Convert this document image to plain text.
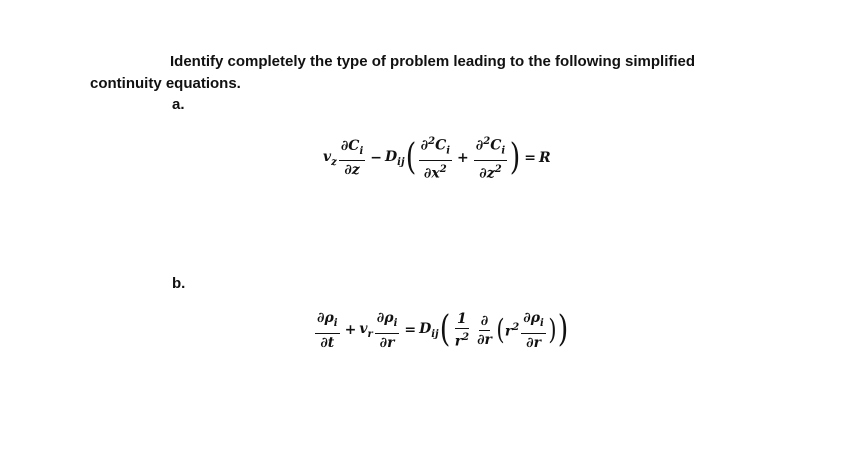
Identify completely the type of problem leading to the following simplified
continuity equations.
a.
$v_z \frac{\partial C_i}{\partial z} - D_{ij}$ ( $\frac{\partial^2C_i}{\partial x^2} + \frac{\partial^2C_i}{\partial z^2}$ ) = R
b.
$\frac{\partial\rho_i}{\partial t} + v_r \frac{\partial\rho_i}{\partial r} = D_{ij}$ ( $\frac{1}{r^2} \frac{\partial}{\partial r}$ ( $r^2 \frac{\partial\rho_i}{\partial r}$ ) )
